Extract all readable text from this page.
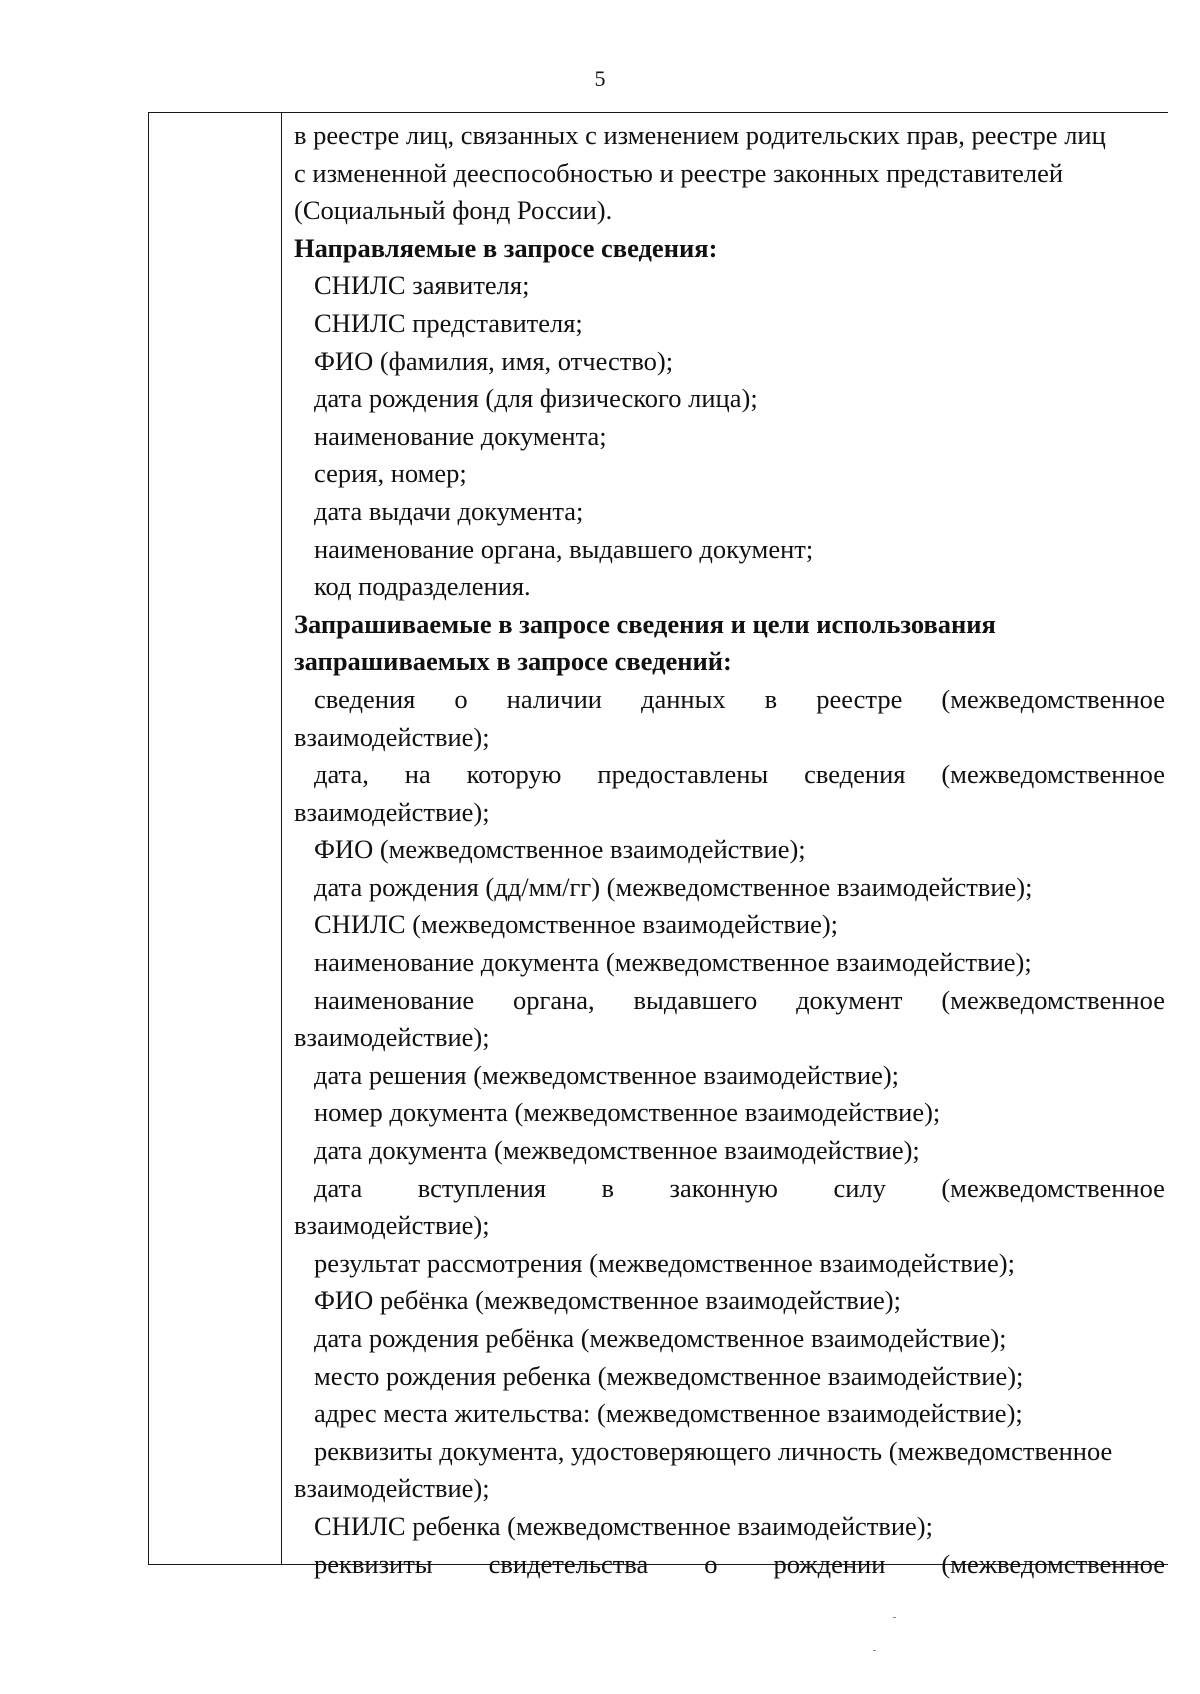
5
в реестре лиц, связанных с изменением родительских прав, реестре лиц
с измененной дееспособностью и реестре законных представителей
(Социальный фонд России).
Направляемые в запросе сведения:
СНИЛС заявителя;
СНИЛС представителя;
ФИО (фамилия, имя, отчество);
дата рождения (для физического лица);
наименование документа;
серия, номер;
дата выдачи документа;
наименование органа, выдавшего документ;
код подразделения.
Запрашиваемые в запросе сведения и цели использования
запрашиваемых в запросе сведений:
сведения о наличии данных в реестре (межведомственное
взаимодействие);
дата, на которую предоставлены сведения (межведомственное
взаимодействие);
ФИО (межведомственное взаимодействие);
дата рождения (дд/мм/гг) (межведомственное взаимодействие);
СНИЛС (межведомственное взаимодействие);
наименование документа (межведомственное взаимодействие);
наименование органа, выдавшего документ (межведомственное
взаимодействие);
дата решения (межведомственное взаимодействие);
номер документа (межведомственное взаимодействие);
дата документа (межведомственное взаимодействие);
дата вступления в законную силу (межведомственное
взаимодействие);
результат рассмотрения (межведомственное взаимодействие);
ФИО ребёнка (межведомственное взаимодействие);
дата рождения ребёнка (межведомственное взаимодействие);
место рождения ребенка (межведомственное взаимодействие);
адрес места жительства: (межведомственное взаимодействие);
реквизиты документа, удостоверяющего личность (межведомственное
взаимодействие);
СНИЛС ребенка (межведомственное взаимодействие);
реквизиты свидетельства о рождении (межведомственное
